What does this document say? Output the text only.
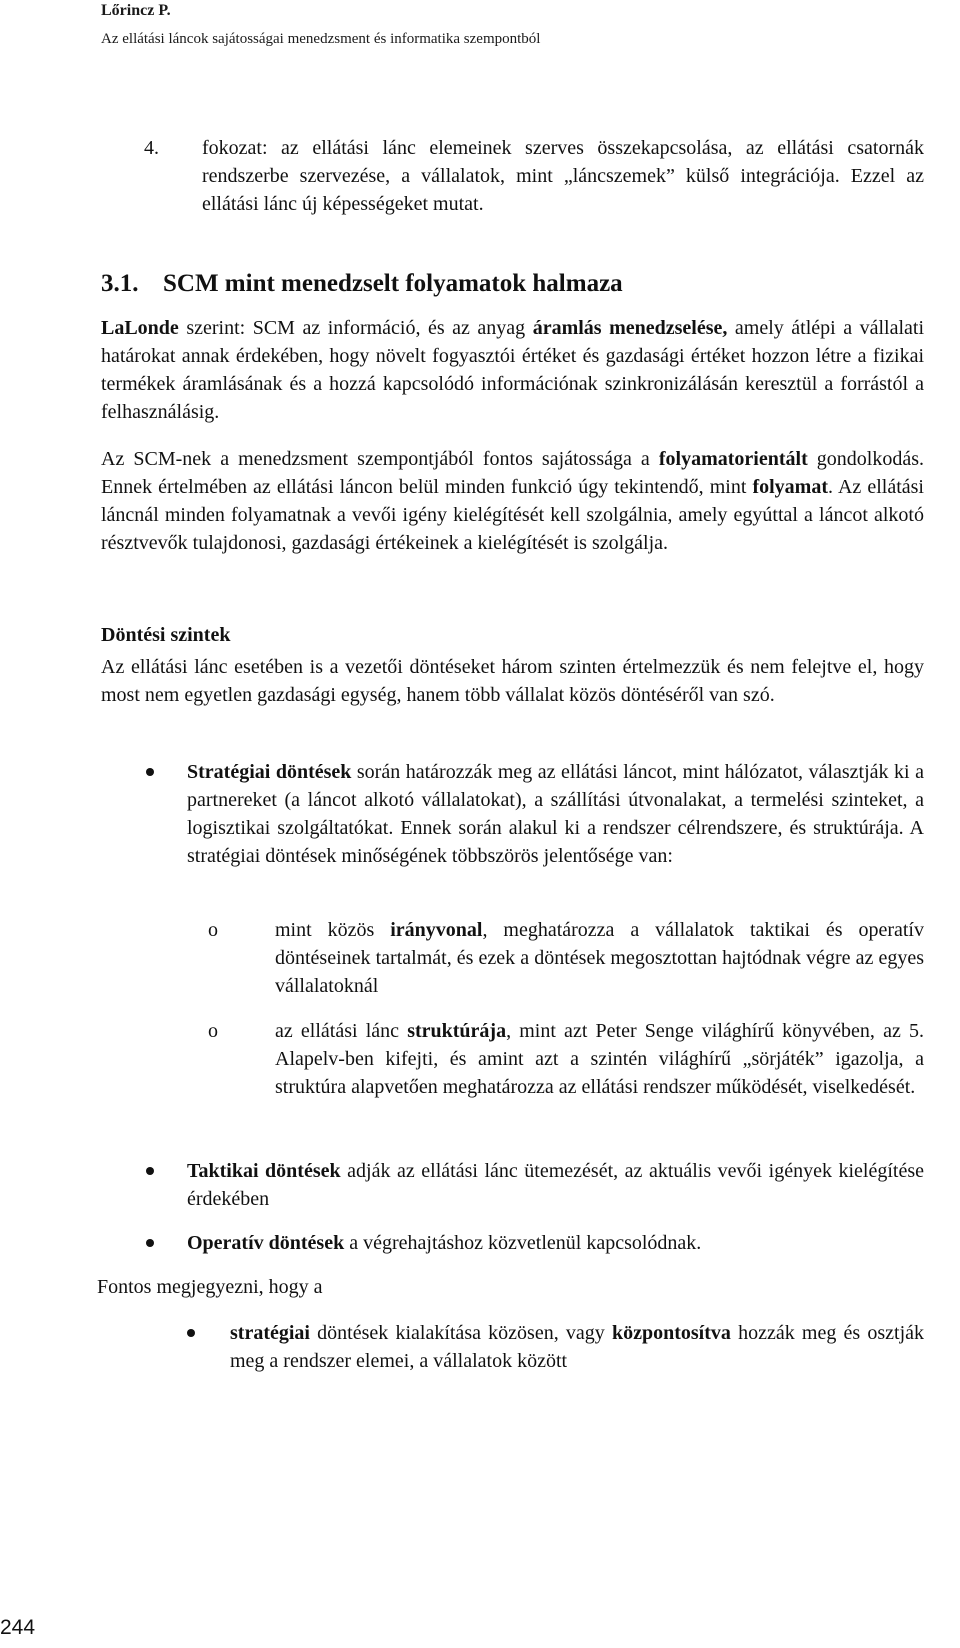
Lőrincz P.
Az ellátási láncok sajátosságai menedzsment és informatika szempontból
4. fokozat: az ellátási lánc elemeinek szerves összekapcsolása, az ellátási csatornák rendszerbe szervezése, a vállalatok, mint „láncszemek” külső integrációja. Ezzel az ellátási lánc új képességeket mutat.

3.1. SCM mint menedzselt folyamatok halmaza

LaLonde szerint: SCM az információ, és az anyag áramlás menedzselése, amely átlépi a vállalati határokat annak érdekében, hogy növelt fogyasztói értéket és gazdasági értéket hozzon létre a fizikai termékek áramlásának és a hozzá kapcsolódó információnak szinkronizálásán keresztül a forrástól a felhasználásig.

Az SCM-nek a menedzsment szempontjából fontos sajátossága a folyamatorientált gondolkodás. Ennek értelmében az ellátási láncon belül minden funkció úgy tekintendő, mint folyamat. Az ellátási láncnál minden folyamatnak a vevői igény kielégítését kell szolgálnia, amely egyúttal a láncot alkotó résztvevők tulajdonosi, gazdasági értékeinek a kielégítését is szolgálja.

Döntési szintek

Az ellátási lánc esetében is a vezetői döntéseket három szinten értelmezzük és nem felejtve el, hogy most nem egyetlen gazdasági egység, hanem több vállalat közös döntéséről van szó.

Stratégiai döntések során határozzák meg az ellátási láncot, mint hálózatot, választják ki a partnereket (a láncot alkotó vállalatokat), a szállítási útvonalakat, a termelési szinteket, a logisztikai szolgáltatókat. Ennek során alakul ki a rendszer célrendszere, és struktúrája. A stratégiai döntések minőségének többszörös jelentősége van:

o	mint közös irányvonal, meghatározza a vállalatok taktikai és operatív döntéseinek tartalmát, és ezek a döntések megosztottan hajtódnak végre az egyes vállalatoknál

o	az ellátási lánc struktúrája, mint azt Peter Senge világhírű könyvében, az 5. Alapelv-ben kifejti, és amint azt a szintén világhírű „sörjáték” igazolja, a struktúra alapvetően meghatározza az ellátási rendszer működését, viselkedését.

Taktikai döntések adják az ellátási lánc ütemezését, az aktuális vevői igények kielégítése érdekében

Operatív döntések a végrehajtáshoz közvetlenül kapcsolódnak.

Fontos megjegyezni, hogy a

stratégiai döntések kialakítása közösen, vagy központosítva hozzák meg és osztják meg a rendszer elemei, a vállalatok között

244
